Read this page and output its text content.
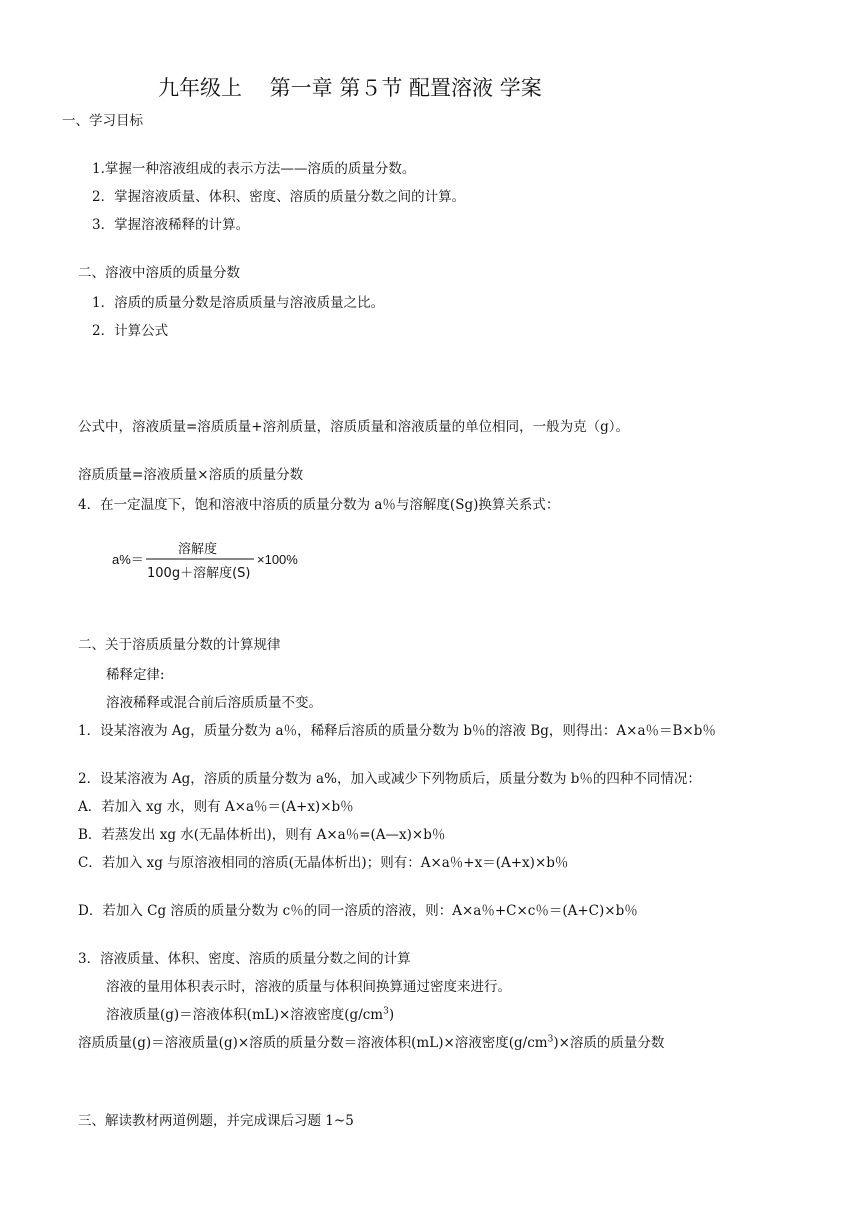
九年级上　 第一章 第５节 配置溶液 学案
一、学习目标
1.掌握一种溶液组成的表示方法——溶质的质量分数。
2．掌握溶液质量、体积、密度、溶质的质量分数之间的计算。
3．掌握溶液稀释的计算。
二、溶液中溶质的质量分数
1．溶质的质量分数是溶质质量与溶液质量之比。
2．计算公式
公式中，溶液质量=溶质质量+溶剂质量，溶质质量和溶液质量的单位相同，一般为克（g）。
溶质质量=溶液质量×溶质的质量分数
4．在一定温度下，饱和溶液中溶质的质量分数为 a％与溶解度(Sg)换算关系式：
a%＝
溶解度
100g＋溶解度(S)
×100%
二、关于溶质质量分数的计算规律
稀释定律:
溶液稀释或混合前后溶质质量不变。
1．设某溶液为 Ag，质量分数为 a％，稀释后溶质的质量分数为 b％的溶液 Bg，则得出：A×a％＝B×b％
2．设某溶液为 Ag，溶质的质量分数为 a%，加入或减少下列物质后，质量分数为 b％的四种不同情况：
A．若加入 xg 水，则有 A×a％＝(A+x)×b％
B．若蒸发出 xg 水(无晶体析出)，则有 A×a％=(A—x)×b％
C．若加入 xg 与原溶液相同的溶质(无晶体析出)；则有：A×a％+x＝(A+x)×b％
D．若加入 Cg 溶质的质量分数为 c％的同一溶质的溶液，则：A×a％+C×c％＝(A+C)×b％
3．溶液质量、体积、密度、溶质的质量分数之间的计算
溶液的量用体积表示时，溶液的质量与体积间换算通过密度来进行。
溶液质量(g)＝溶液体积(mL)×溶液密度$(g/cm^3)$
溶质质量(g)＝溶液质量(g)×溶质的质量分数＝溶液体积(mL)×溶液密度$(g/cm^3)\times$溶质的质量分数
三、解读教材两道例题，并完成课后习题 1~5
